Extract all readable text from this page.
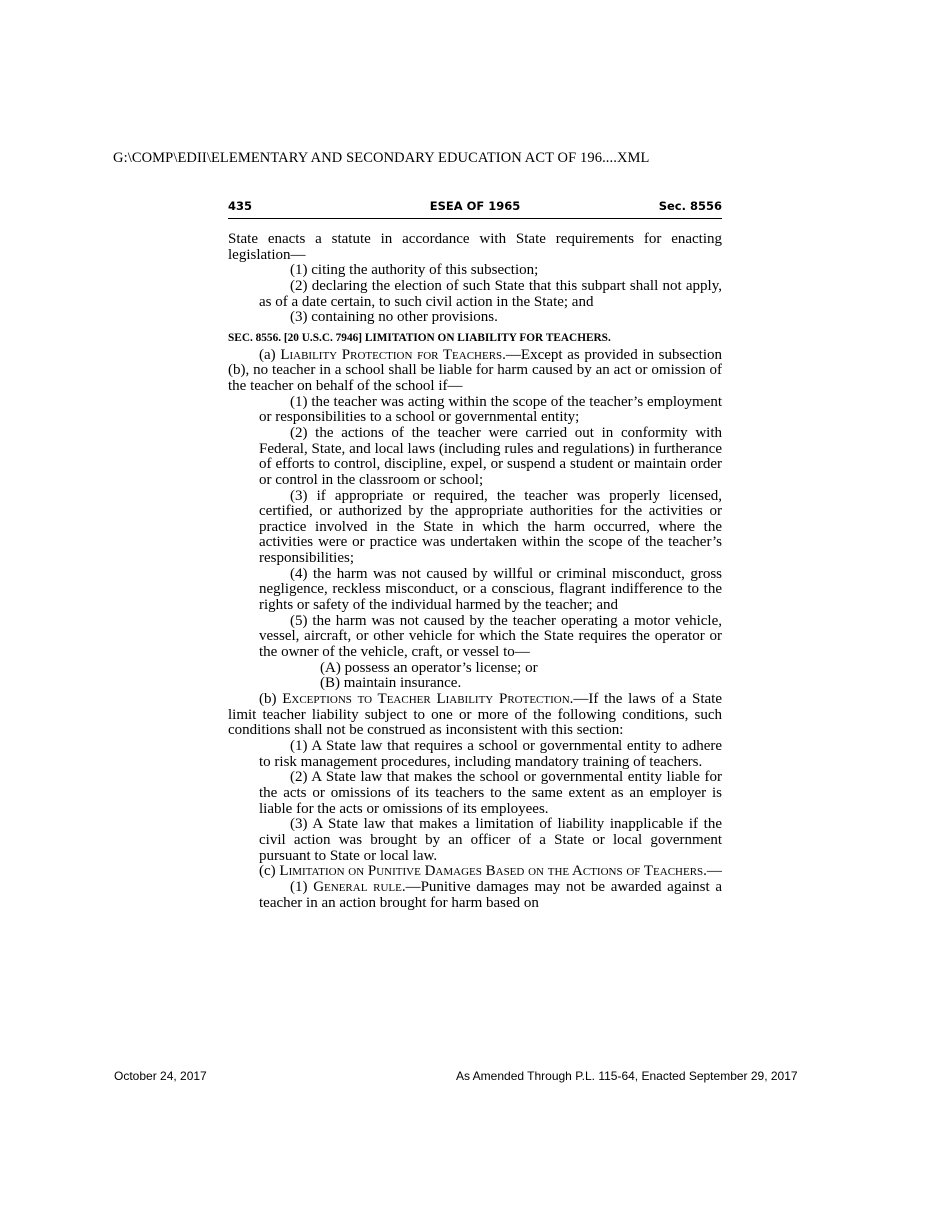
G:\COMP\EDII\ELEMENTARY AND SECONDARY EDUCATION ACT OF 196....XML
435	ESEA OF 1965	Sec. 8556

State enacts a statute in accordance with State requirements for enacting legislation—

(1) citing the authority of this subsection;

(2) declaring the election of such State that this subpart shall not apply, as of a date certain, to such civil action in the State; and

(3) containing no other provisions.

SEC. 8556. [20 U.S.C. 7946] LIMITATION ON LIABILITY FOR TEACHERS.

(a) Liability Protection for Teachers.—Except as provided in subsection (b), no teacher in a school shall be liable for harm caused by an act or omission of the teacher on behalf of the school if—

(1) the teacher was acting within the scope of the teacher’s employment or responsibilities to a school or governmental entity;

(2) the actions of the teacher were carried out in conformity with Federal, State, and local laws (including rules and regulations) in furtherance of efforts to control, discipline, expel, or suspend a student or maintain order or control in the classroom or school;

(3) if appropriate or required, the teacher was properly licensed, certified, or authorized by the appropriate authorities for the activities or practice involved in the State in which the harm occurred, where the activities were or practice was undertaken within the scope of the teacher’s responsibilities;

(4) the harm was not caused by willful or criminal misconduct, gross negligence, reckless misconduct, or a conscious, flagrant indifference to the rights or safety of the individual harmed by the teacher; and

(5) the harm was not caused by the teacher operating a motor vehicle, vessel, aircraft, or other vehicle for which the State requires the operator or the owner of the vehicle, craft, or vessel to—

(A) possess an operator’s license; or

(B) maintain insurance.

(b) Exceptions to Teacher Liability Protection.—If the laws of a State limit teacher liability subject to one or more of the following conditions, such conditions shall not be construed as inconsistent with this section:

(1) A State law that requires a school or governmental entity to adhere to risk management procedures, including mandatory training of teachers.

(2) A State law that makes the school or governmental entity liable for the acts or omissions of its teachers to the same extent as an employer is liable for the acts or omissions of its employees.

(3) A State law that makes a limitation of liability inapplicable if the civil action was brought by an officer of a State or local government pursuant to State or local law.

(c) Limitation on Punitive Damages Based on the Actions of Teachers.—

(1) General rule.—Punitive damages may not be awarded against a teacher in an action brought for harm based on

October 24, 2017	As Amended Through P.L. 115-64, Enacted September 29, 2017
